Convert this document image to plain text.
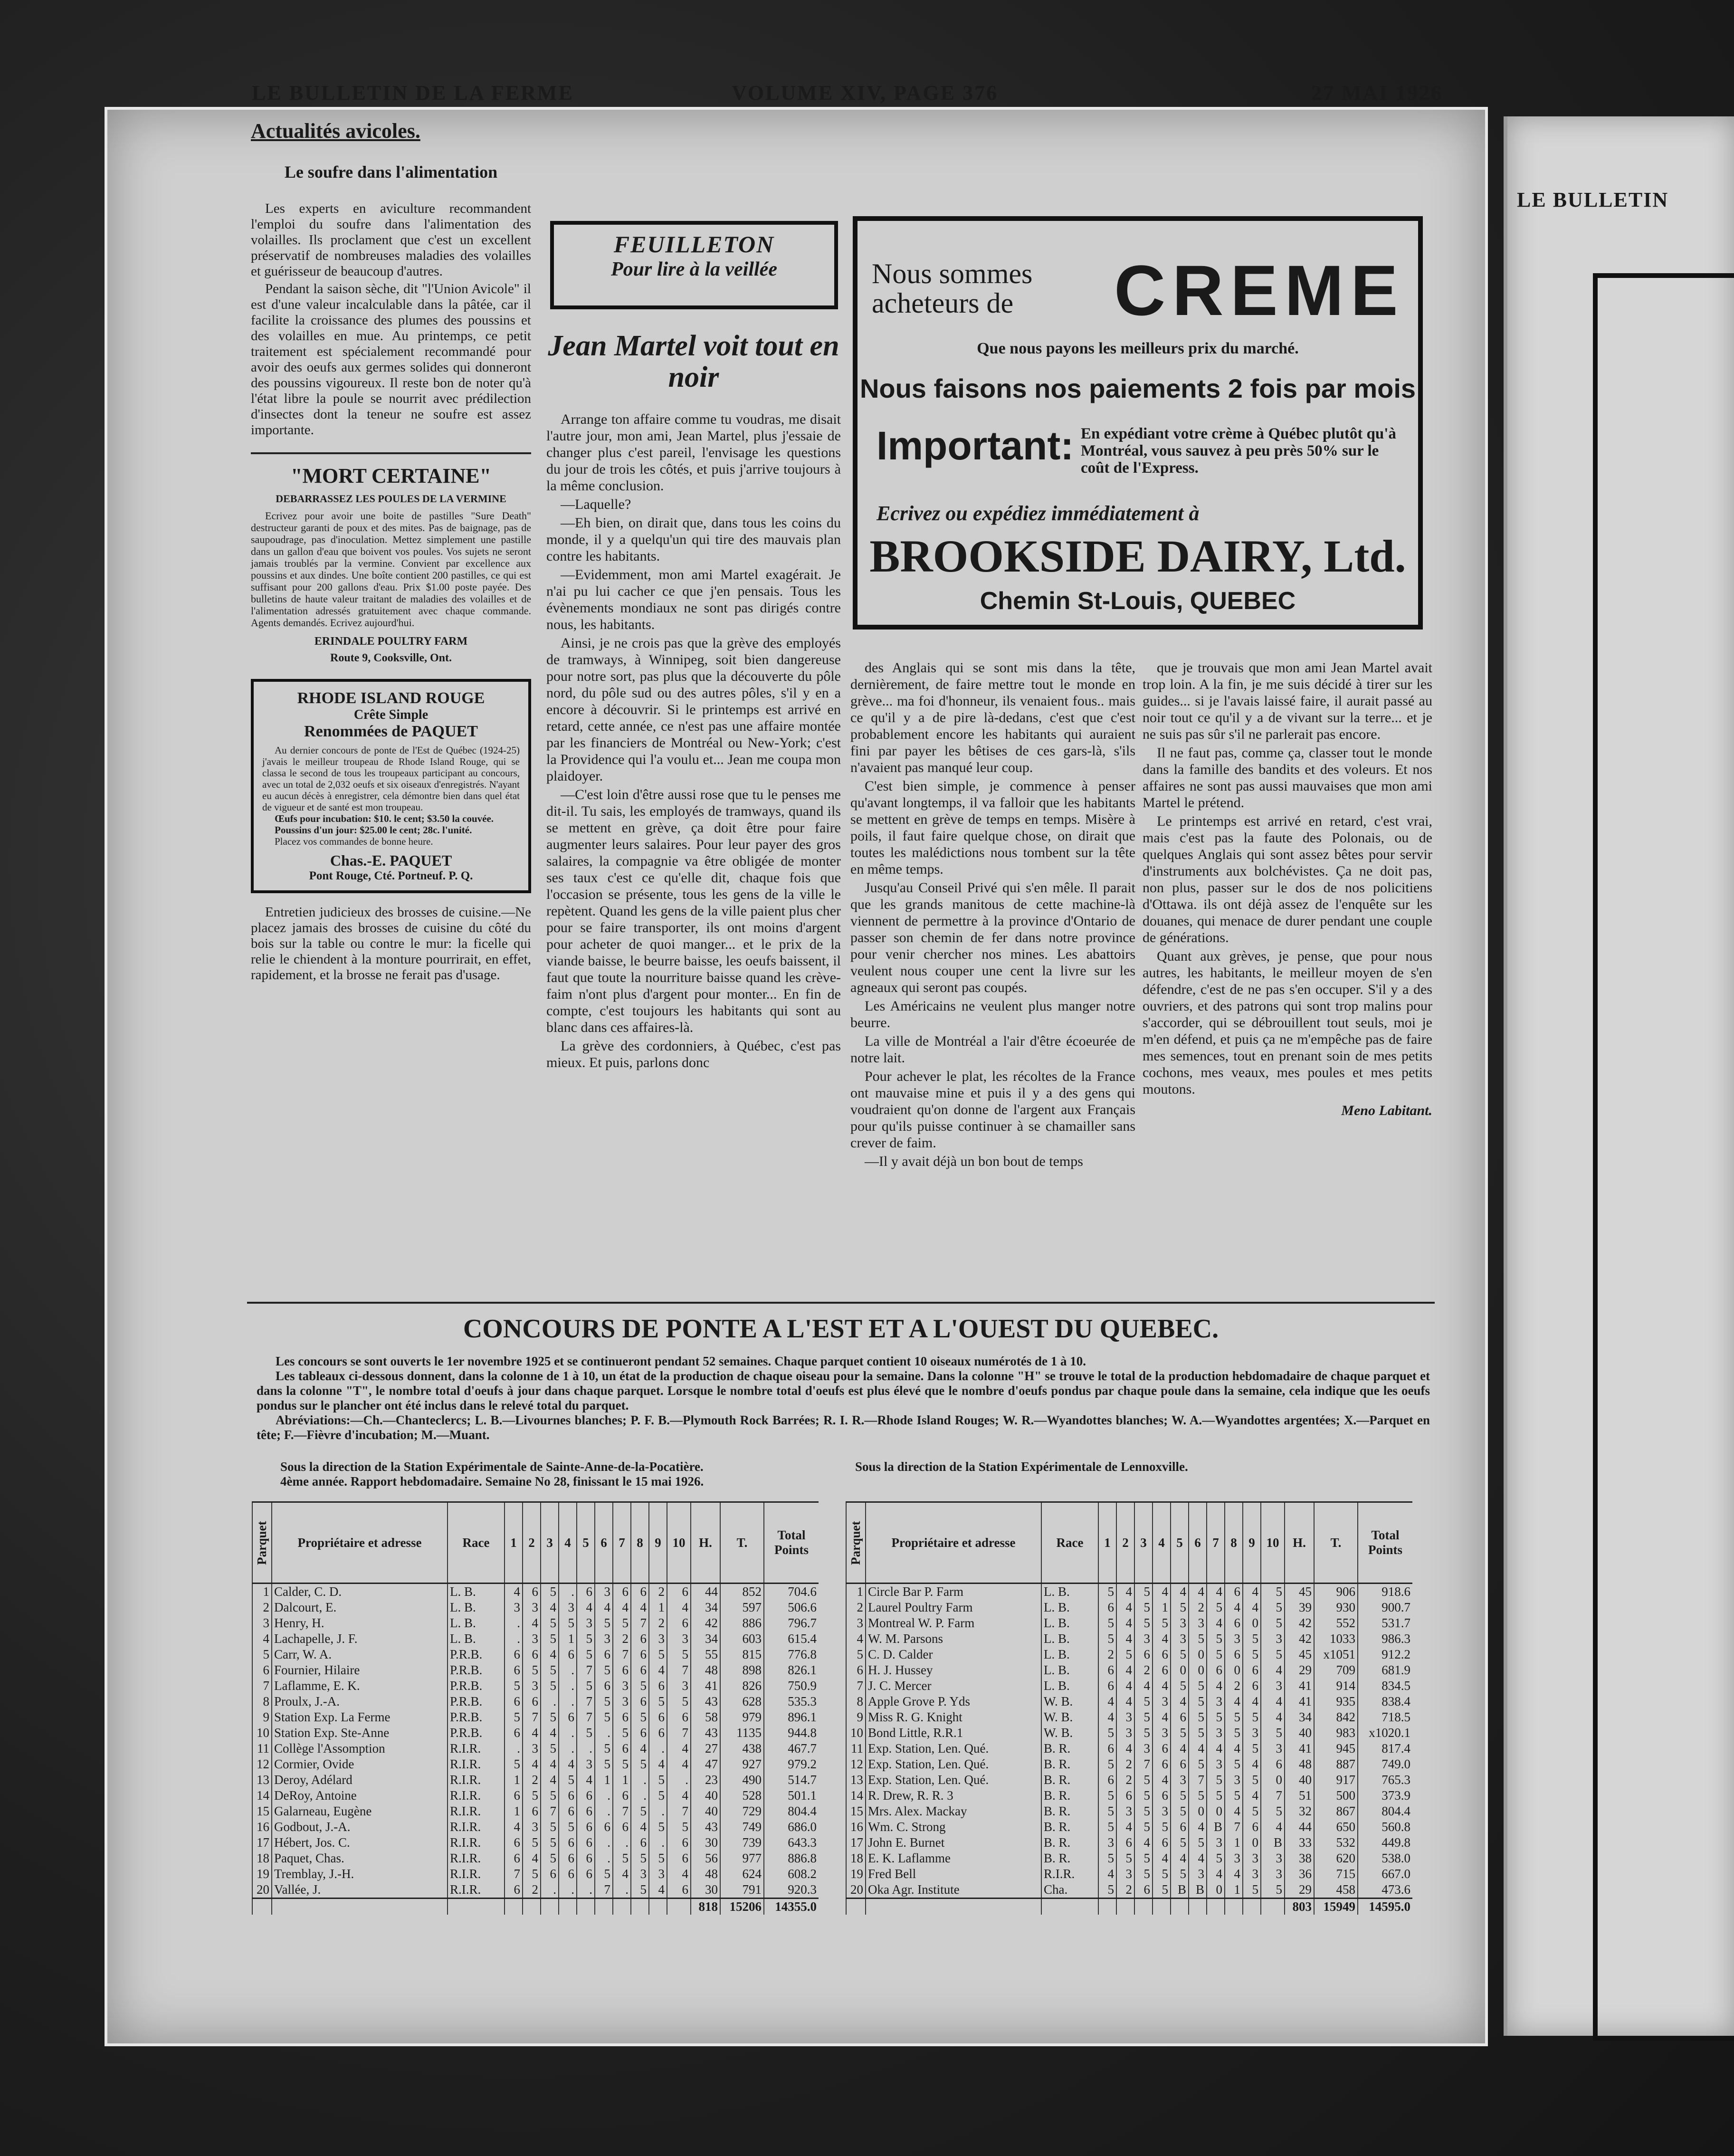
LE BULLETIN
LE BULLETIN DE LA FERME	VOLUME XIV, PAGE 376	27 MAI 1926
Actualités avicoles.
Le soufre dans l'alimentation

Les experts en aviculture recommandent l'emploi du soufre dans l'alimentation des volailles. Ils proclament que c'est un excellent préservatif de nombreuses maladies des volailles et guérisseur de beaucoup d'autres.

Pendant la saison sèche, dit "l'Union Avicole" il est d'une valeur incalculable dans la pâtée, car il facilite la croissance des plumes des poussins et des volailles en mue. Au printemps, ce petit traitement est spécialement recommandé pour avoir des oeufs aux germes solides qui donneront des poussins vigoureux. Il reste bon de noter qu'à l'état libre la poule se nourrit avec prédilection d'insectes dont la teneur ne soufre est assez importante.

"MORT CERTAINE"
DEBARRASSEZ LES POULES DE LA VERMINE
Ecrivez pour avoir une boite de pastilles "Sure Death" destructeur garanti de poux et des mites. Pas de baignage, pas de saupoudrage, pas d'inoculation. Mettez simplement une pastille dans un gallon d'eau que boivent vos poules. Vos sujets ne seront jamais troublés par la vermine. Convient par excellence aux poussins et aux dindes. Une boîte contient 200 pastilles, ce qui est suffisant pour 200 gallons d'eau. Prix $1.00 poste payée. Des bulletins de haute valeur traitant de maladies des volailles et de l'alimentation adressés gratuitement avec chaque commande. Agents demandés. Ecrivez aujourd'hui.
ERINDALE POULTRY FARM
Route 9, Cooksville, Ont.
RHODE ISLAND ROUGE
Crête Simple
Renommées de PAQUET
Au dernier concours de ponte de l'Est de Québec (1924-25) j'avais le meilleur troupeau de Rhode Island Rouge, qui se classa le second de tous les troupeaux participant au concours, avec un total de 2,032 oeufs et six oiseaux d'enregistrés. N'ayant eu aucun décès à enregistrer, cela démontre bien dans quel état de vigueur et de santé est mon troupeau.
Œufs pour incubation: $10. le cent; $3.50 la couvée.
Poussins d'un jour: $25.00 le cent; 28c. l'unité.
Placez vos commandes de bonne heure.
Chas.-E. PAQUET
Pont Rouge, Cté. Portneuf. P. Q.

Entretien judicieux des brosses de cuisine.—Ne placez jamais des brosses de cuisine du côté du bois sur la table ou contre le mur: la ficelle qui relie le chiendent à la monture pourrirait, en effet, rapidement, et la brosse ne ferait pas d'usage.

FEUILLETON
Pour lire à la veillée
Jean Martel voit tout en noir

Arrange ton affaire comme tu voudras, me disait l'autre jour, mon ami, Jean Martel, plus j'essaie de changer plus c'est pareil, l'envisage les questions du jour de trois les côtés, et puis j'arrive toujours à la même conclusion.

—Laquelle?

—Eh bien, on dirait que, dans tous les coins du monde, il y a quelqu'un qui tire des mauvais plan contre les habitants.

—Evidemment, mon ami Martel exagérait. Je n'ai pu lui cacher ce que j'en pensais. Tous les évènements mondiaux ne sont pas dirigés contre nous, les habitants.

Ainsi, je ne crois pas que la grève des employés de tramways, à Winnipeg, soit bien dangereuse pour notre sort, pas plus que la découverte du pôle nord, du pôle sud ou des autres pôles, s'il y en a encore à découvrir. Si le printemps est arrivé en retard, cette année, ce n'est pas une affaire montée par les financiers de Montréal ou New-York; c'est la Providence qui l'a voulu et... Jean me coupa mon plaidoyer.

—C'est loin d'être aussi rose que tu le penses me dit-il. Tu sais, les employés de tramways, quand ils se mettent en grève, ça doit être pour faire augmenter leurs salaires. Pour leur payer des gros salaires, la compagnie va être obligée de monter ses taux c'est ce qu'elle dit, chaque fois que l'occasion se présente, tous les gens de la ville le repètent. Quand les gens de la ville paient plus cher pour se faire transporter, ils ont moins d'argent pour acheter de quoi manger... et le prix de la viande baisse, le beurre baisse, les oeufs baissent, il faut que toute la nourriture baisse quand les crève-faim n'ont plus d'argent pour monter... En fin de compte, c'est toujours les habitants qui sont au blanc dans ces affaires-là.

La grève des cordonniers, à Québec, c'est pas mieux. Et puis, parlons donc

Nous sommes
acheteurs de CREME
Que nous payons les meilleurs prix du marché.
Nous faisons nos paiements 2 fois par mois
Important: En expédiant votre crème à Québec plutôt qu'à Montréal, vous sauvez à peu près 50% sur le coût de l'Express.
Ecrivez ou expédiez immédiatement à
BROOKSIDE DAIRY, Ltd.
Chemin St-Louis, QUEBEC

des Anglais qui se sont mis dans la tête, dernièrement, de faire mettre tout le monde en grève... ma foi d'honneur, ils venaient fous.. mais ce qu'il y a de pire là-dedans, c'est que c'est probablement encore les habitants qui auraient fini par payer les bêtises de ces gars-là, s'ils n'avaient pas manqué leur coup.

C'est bien simple, je commence à penser qu'avant longtemps, il va falloir que les habitants se mettent en grève de temps en temps. Misère à poils, il faut faire quelque chose, on dirait que toutes les malédictions nous tombent sur la tête en même temps.

Jusqu'au Conseil Privé qui s'en mêle. Il parait que les grands manitous de cette machine-là viennent de permettre à la province d'Ontario de passer son chemin de fer dans notre province pour venir chercher nos mines. Les abattoirs veulent nous couper une cent la livre sur les agneaux qui seront pas coupés.

Les Américains ne veulent plus manger notre beurre.

La ville de Montréal a l'air d'être écoeurée de notre lait.

Pour achever le plat, les récoltes de la France ont mauvaise mine et puis il y a des gens qui voudraient qu'on donne de l'argent aux Français pour qu'ils puisse continuer à se chamailler sans crever de faim.

—Il y avait déjà un bon bout de temps

que je trouvais que mon ami Jean Martel avait trop loin. A la fin, je me suis décidé à tirer sur les guides... si je l'avais laissé faire, il aurait passé au noir tout ce qu'il y a de vivant sur la terre... et je ne suis pas sûr s'il ne parlerait pas encore.

Il ne faut pas, comme ça, classer tout le monde dans la famille des bandits et des voleurs. Et nos affaires ne sont pas aussi mauvaises que mon ami Martel le prétend.

Le printemps est arrivé en retard, c'est vrai, mais c'est pas la faute des Polonais, ou de quelques Anglais qui sont assez bêtes pour servir d'instruments aux bolchévistes. Ça ne doit pas, non plus, passer sur le dos de nos policitiens d'Ottawa. ils ont déjà assez de l'enquête sur les douanes, qui menace de durer pendant une couple de générations.

Quant aux grèves, je pense, que pour nous autres, les habitants, le meilleur moyen de s'en défendre, c'est de ne pas s'en occuper. S'il y a des ouvriers, et des patrons qui sont trop malins pour s'accorder, qui se débrouillent tout seuls, moi je m'en défend, et puis ça ne m'empêche pas de faire mes semences, tout en prenant soin de mes petits cochons, mes veaux, mes poules et mes petits moutons.

Meno Labitant.
CONCOURS DE PONTE A L'EST ET A L'OUEST DU QUEBEC.
Les concours se sont ouverts le 1er novembre 1925 et se continueront pendant 52 semaines. Chaque parquet contient 10 oiseaux numérotés de 1 à 10.
Les tableaux ci-dessous donnent, dans la colonne de 1 à 10, un état de la production de chaque oiseau pour la semaine. Dans la colonne "H" se trouve le total de la production hebdomadaire de chaque parquet et dans la colonne "T", le nombre total d'oeufs à jour dans chaque parquet. Lorsque le nombre total d'oeufs est plus élevé que le nombre d'oeufs pondus par chaque poule dans la semaine, cela indique que les oeufs pondus sur le plancher ont été inclus dans le relevé total du parquet.
Abréviations:—Ch.—Chanteclercs; L. B.—Livournes blanches; P. F. B.—Plymouth Rock Barrées; R. I. R.—Rhode Island Rouges; W. R.—Wyandottes blanches; W. A.—Wyandottes argentées; X.—Parquet en tête; F.—Fièvre d'incubation; M.—Muant.
Sous la direction de la Station Expérimentale de Sainte-Anne-de-la-Pocatière.
4ème année. Rapport hebdomadaire. Semaine No 28, finissant le 15 mai 1926.
Sous la direction de la Station Expérimentale de Lennoxville.
Parquet	Propriétaire et adresse	Race	1	2	3	4	5	6	7	8	9	10	H.	T.	Total Points
1	Calder, C. D.	L. B.	4	6	5	.	6	3	6	6	2	6	44	852	704.6
2	Dalcourt, E.	L. B.	3	3	4	3	4	4	4	4	1	4	34	597	506.6
3	Henry, H.	L. B.	.	4	5	5	3	5	5	7	2	6	42	886	796.7
4	Lachapelle, J. F.	L. B.	.	3	5	1	5	3	2	6	3	3	34	603	615.4
5	Carr, W. A.	P.R.B.	6	6	4	6	5	6	7	6	5	5	55	815	776.8
6	Fournier, Hilaire	P.R.B.	6	5	5	.	7	5	6	6	4	7	48	898	826.1
7	Laflamme, E. K.	P.R.B.	5	3	5	.	5	6	3	5	6	3	41	826	750.9
8	Proulx, J.-A.	P.R.B.	6	6	.	.	7	5	3	6	5	5	43	628	535.3
9	Station Exp. La Ferme	P.R.B.	5	7	5	6	7	5	6	5	6	6	58	979	896.1
10	Station Exp. Ste-Anne	P.R.B.	6	4	4	.	5	.	5	6	6	7	43	1135	944.8
11	Collège l'Assomption	R.I.R.	.	3	5	.	.	5	6	4	.	4	27	438	467.7
12	Cormier, Ovide	R.I.R.	5	4	4	4	3	5	5	5	4	4	47	927	979.2
13	Deroy, Adélard	R.I.R.	1	2	4	5	4	1	1	.	5	.	23	490	514.7
14	DeRoy, Antoine	R.I.R.	6	5	5	6	6	.	6	.	5	4	40	528	501.1
15	Galarneau, Eugène	R.I.R.	1	6	7	6	6	.	7	5	.	7	40	729	804.4
16	Godbout, J.-A.	R.I.R.	4	3	5	5	6	6	6	4	5	5	43	749	686.0
17	Hébert, Jos. C.	R.I.R.	6	5	5	6	6	.	.	6	.	6	30	739	643.3
18	Paquet, Chas.	R.I.R.	6	4	5	6	6	.	5	5	5	6	56	977	886.8
19	Tremblay, J.-H.	R.I.R.	7	5	6	6	6	5	4	3	3	4	48	624	608.2
20	Vallée, J.	R.I.R.	6	2	.	.	.	7	.	5	4	6	30	791	920.3
													818	15206	14355.0
Parquet	Propriétaire et adresse	Race	1	2	3	4	5	6	7	8	9	10	H.	T.	Total Points
1	Circle Bar P. Farm	L. B.	5	4	5	4	4	4	4	6	4	5	45	906	918.6
2	Laurel Poultry Farm	L. B.	6	4	5	1	5	2	5	4	4	5	39	930	900.7
3	Montreal W. P. Farm	L. B.	5	4	5	5	3	3	4	6	0	5	42	552	531.7
4	W. M. Parsons	L. B.	5	4	3	4	3	5	5	3	5	3	42	1033	986.3
5	C. D. Calder	L. B.	2	5	6	6	5	0	5	6	5	5	45	x1051	912.2
6	H. J. Hussey	L. B.	6	4	2	6	0	0	6	0	6	4	29	709	681.9
7	J. C. Mercer	L. B.	6	4	4	4	5	5	4	2	6	3	41	914	834.5
8	Apple Grove P. Yds	W. B.	4	4	5	3	4	5	3	4	4	4	41	935	838.4
9	Miss R. G. Knight	W. B.	4	3	5	4	6	5	5	5	5	4	34	842	718.5
10	Bond Little, R.R.1	W. B.	5	3	5	3	5	5	3	5	3	5	40	983	x1020.1
11	Exp. Station, Len. Qué.	B. R.	6	4	3	6	4	4	4	4	5	3	41	945	817.4
12	Exp. Station, Len. Qué.	B. R.	5	2	7	6	6	5	3	5	4	6	48	887	749.0
13	Exp. Station, Len. Qué.	B. R.	6	2	5	4	3	7	5	3	5	0	40	917	765.3
14	R. Drew, R. R. 3	B. R.	5	6	5	6	5	5	5	5	4	7	51	500	373.9
15	Mrs. Alex. Mackay	B. R.	5	3	5	3	5	0	0	4	5	5	32	867	804.4
16	Wm. C. Strong	B. R.	5	4	5	5	6	4	B	7	6	4	44	650	560.8
17	John E. Burnet	B. R.	3	6	4	6	5	5	3	1	0	B	33	532	449.8
18	E. K. Laflamme	B. R.	5	5	5	4	4	4	5	3	3	3	38	620	538.0
19	Fred Bell	R.I.R.	4	3	5	5	5	3	4	4	3	3	36	715	667.0
20	Oka Agr. Institute	Cha.	5	2	6	5	B	B	0	1	5	5	29	458	473.6
													803	15949	14595.0
